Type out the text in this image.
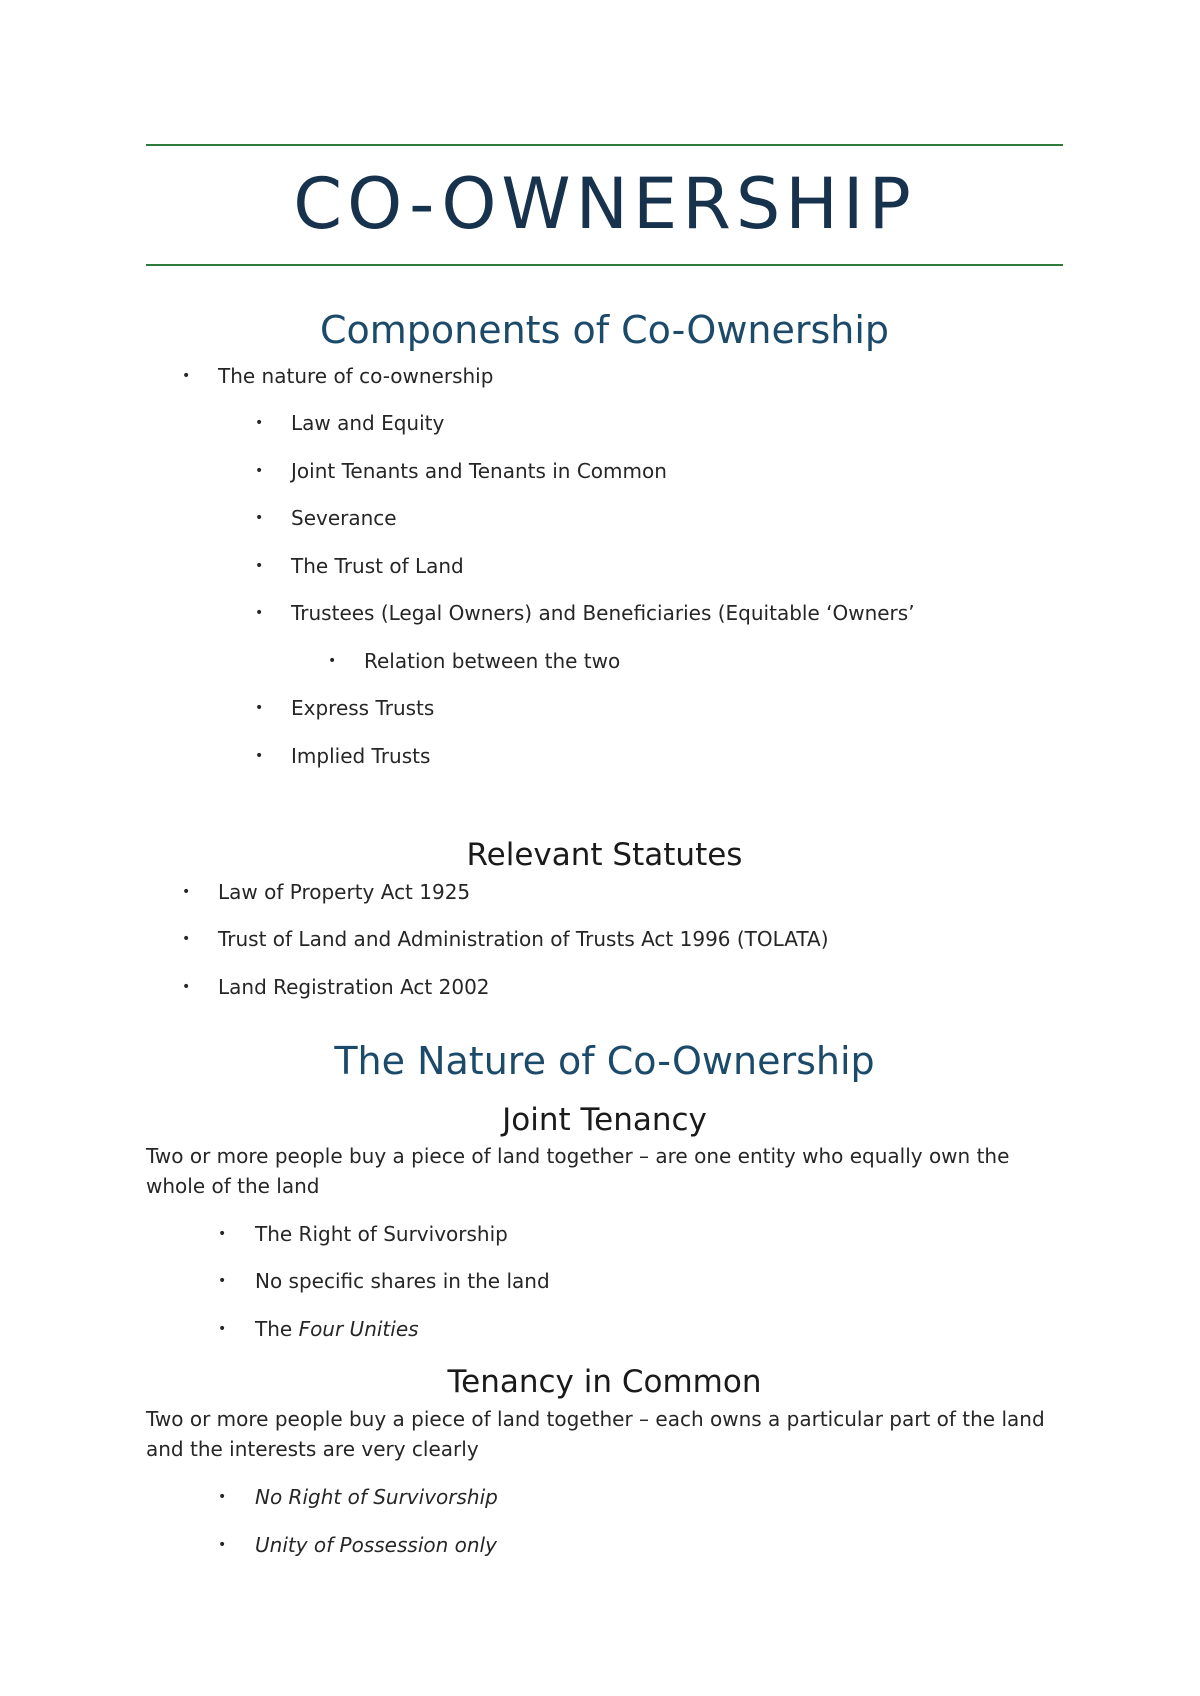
CO-OWNERSHIP
Components of Co-Ownership
• The nature of co-ownership
• Law and Equity
• Joint Tenants and Tenants in Common
• Severance
• The Trust of Land
• Trustees (Legal Owners) and Beneficiaries (Equitable ‘Owners’
• Relation between the two
• Express Trusts
• Implied Trusts
Relevant Statutes
• Law of Property Act 1925
• Trust of Land and Administration of Trusts Act 1996 (TOLATA)
• Land Registration Act 2002
The Nature of Co-Ownership
Joint Tenancy
Two or more people buy a piece of land together – are one entity who equally own the whole of the land
• The Right of Survivorship
• No specific shares in the land
• The Four Unities
Tenancy in Common
Two or more people buy a piece of land together – each owns a particular part of the land and the interests are very clearly
• No Right of Survivorship
• Unity of Possession only
